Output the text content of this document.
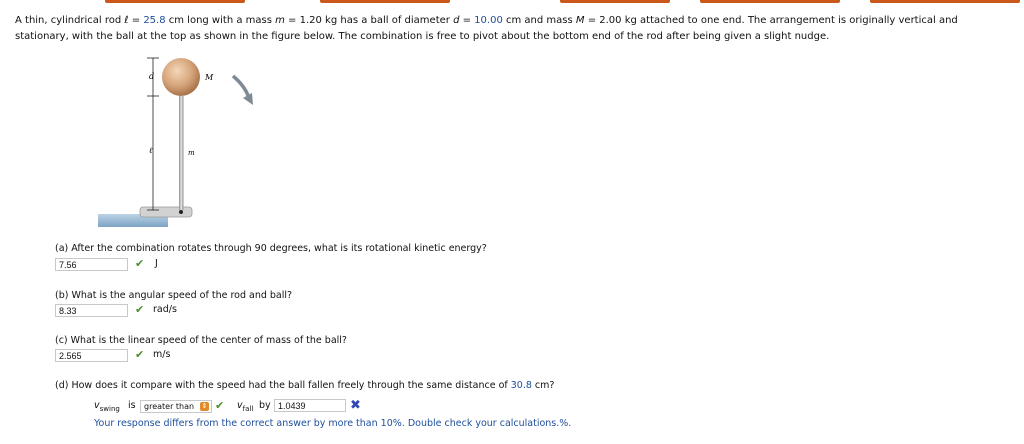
A thin, cylindrical rod ℓ = 25.8 cm long with a mass m = 1.20 kg has a ball of diameter d = 10.00 cm and mass M = 2.00 kg attached to one end. The arrangement is originally vertical and stationary, with the ball at the top as shown in the figure below. The combination is free to pivot about the bottom end of the rod after being given a slight nudge.
d	M
ℓ	m
(a) After the combination rotates through 90 degrees, what is its rotational kinetic energy?
7.56	✔ J
(b) What is the angular speed of the rod and ball?
8.33	✔ rad/s
(c) What is the linear speed of the center of mass of the ball?
2.565	✔ m/s
(d) How does it compare with the speed had the ball fallen freely through the same distance of 30.8 cm?
$v_{swing}$ is	greater than	⇕ ✔ $v_{fall}$ by 1.0439	✖
Your response differs from the correct answer by more than 10%. Double check your calculations.%.
